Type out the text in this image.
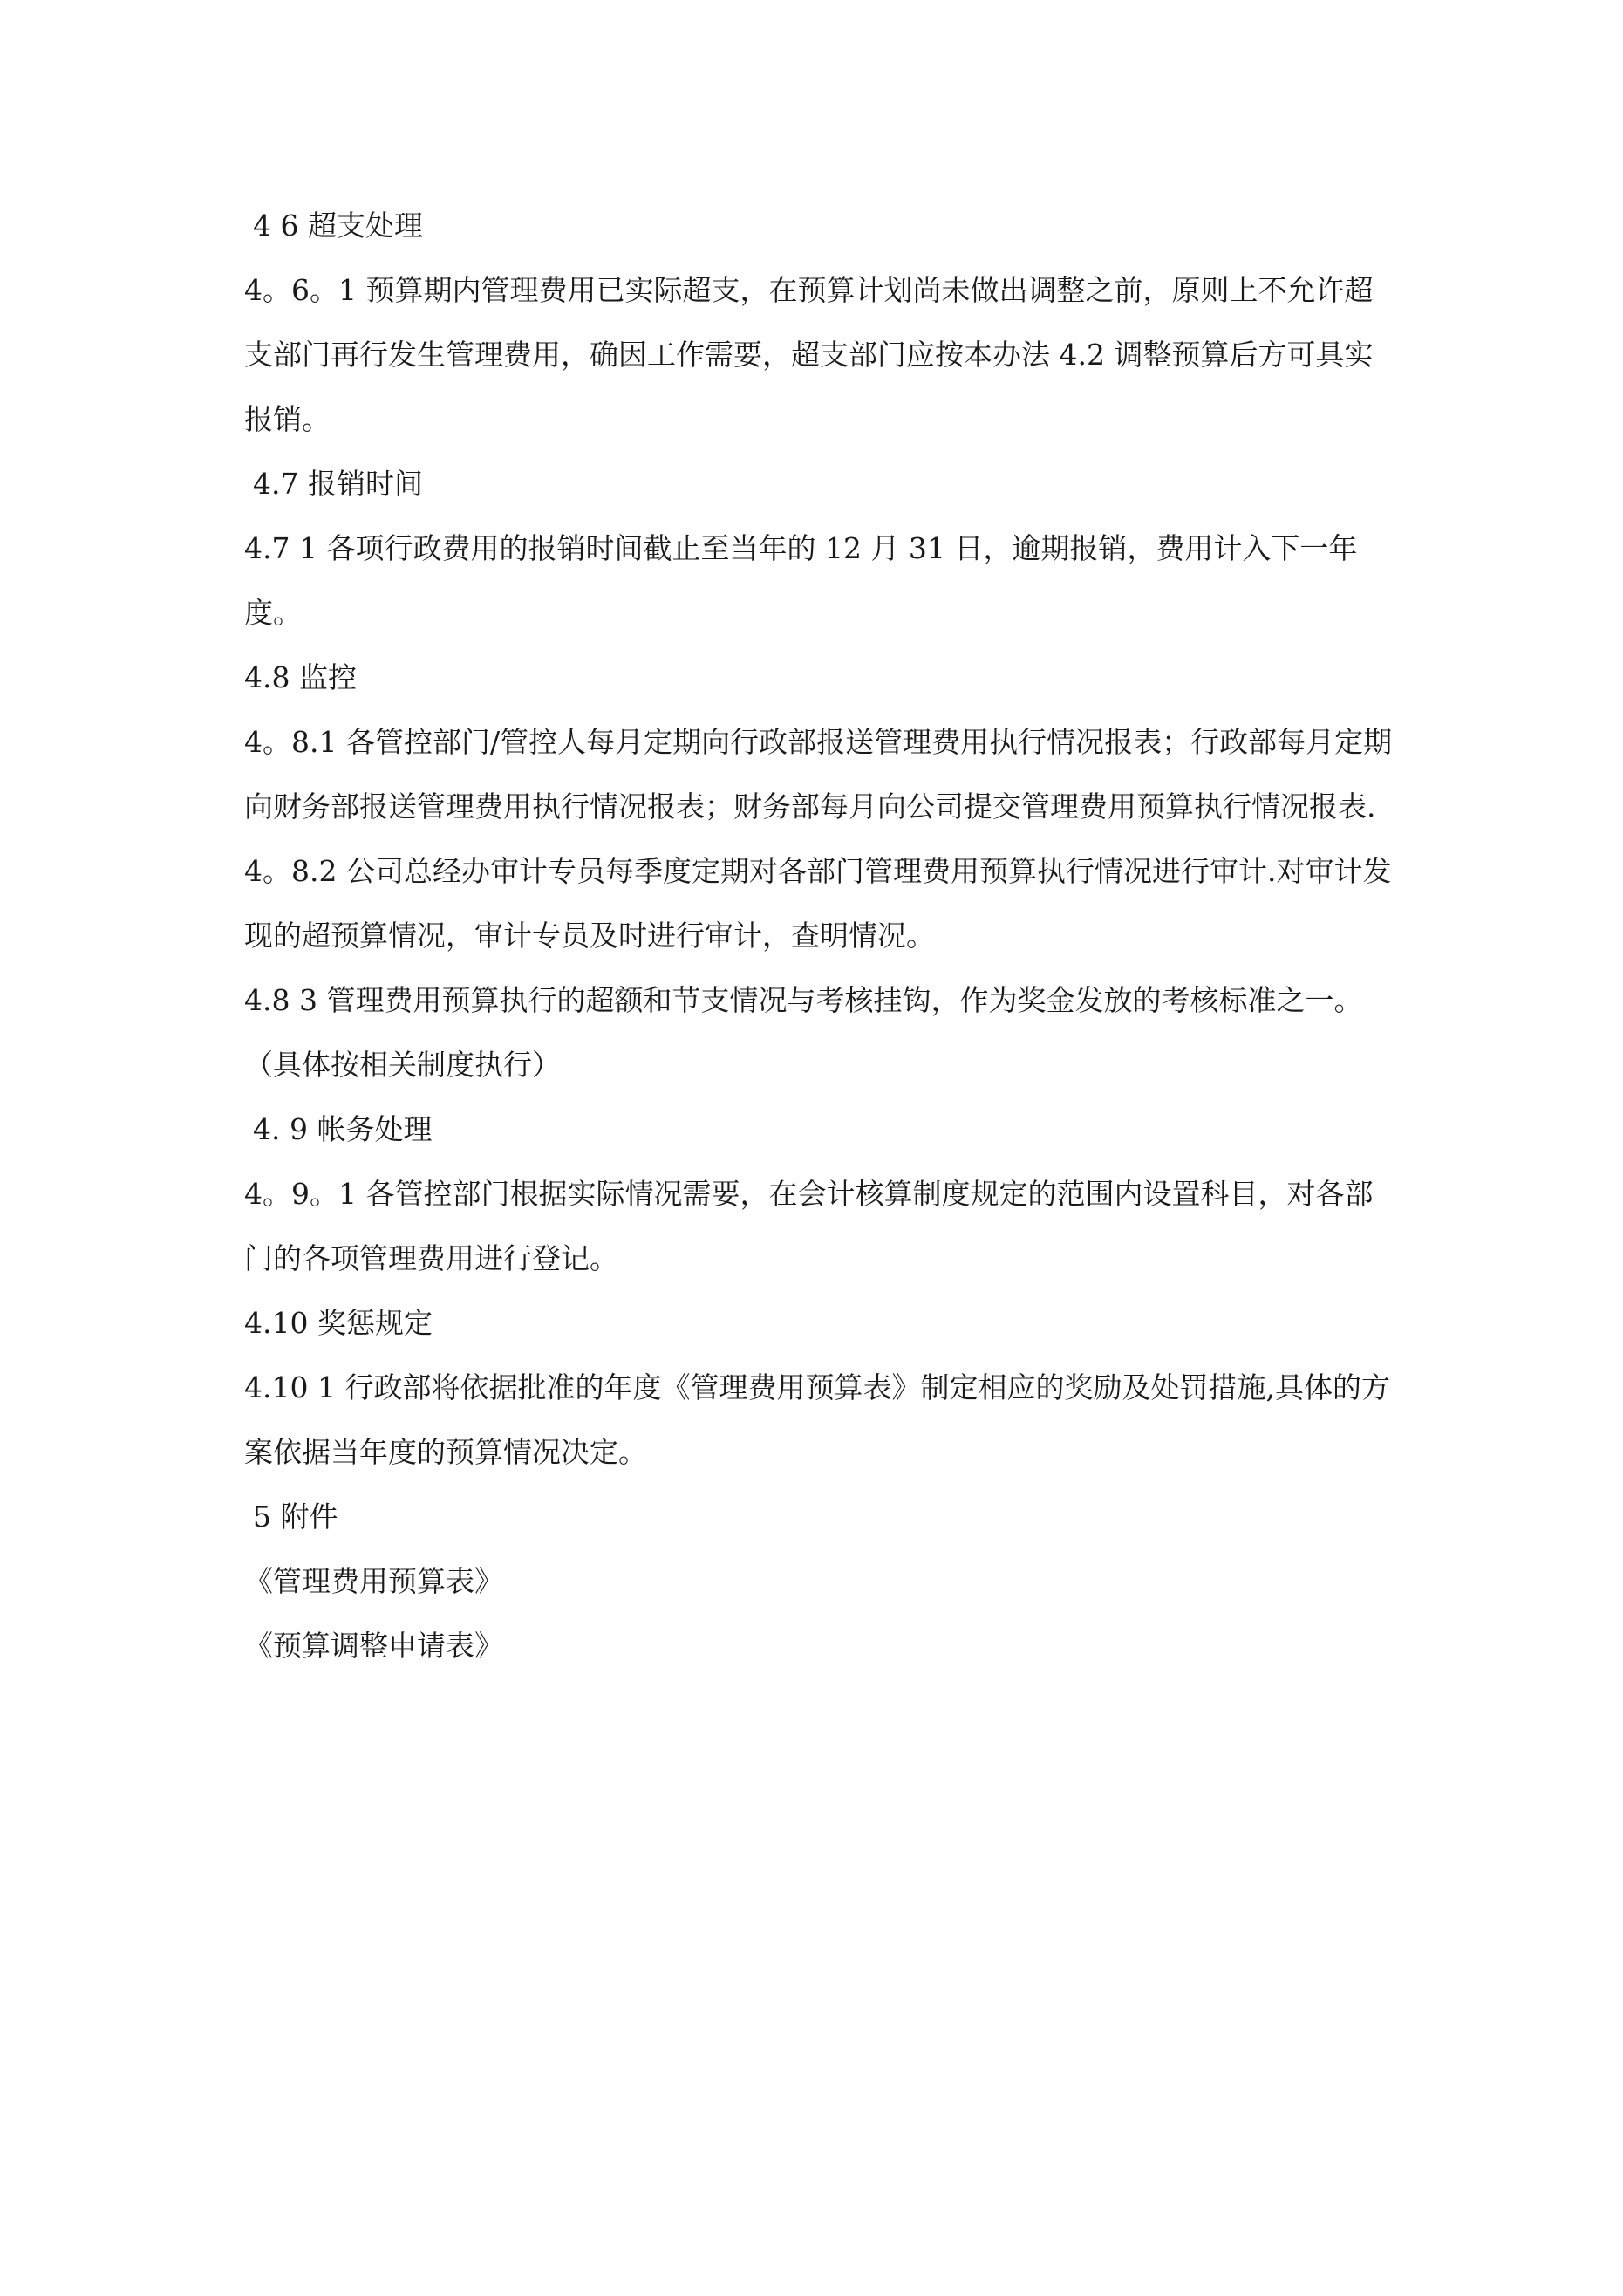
4 6 超支处理

4。6。1 预算期内管理费用已实际超支，在预算计划尚未做出调整之前，原则上不允许超支部门再行发生管理费用，确因工作需要，超支部门应按本办法 4.2 调整预算后方可具实报销。

4.7 报销时间

4.7 1 各项行政费用的报销时间截止至当年的 12 月 31 日，逾期报销，费用计入下一年度。

4.8 监控

4。8.1 各管控部门/管控人每月定期向行政部报送管理费用执行情况报表；行政部每月定期向财务部报送管理费用执行情况报表；财务部每月向公司提交管理费用预算执行情况报表.

4。8.2 公司总经办审计专员每季度定期对各部门管理费用预算执行情况进行审计.对审计发现的超预算情况，审计专员及时进行审计，查明情况。

4.8 3 管理费用预算执行的超额和节支情况与考核挂钩，作为奖金发放的考核标准之一。（具体按相关制度执行）

4. 9 帐务处理

4。9。1 各管控部门根据实际情况需要，在会计核算制度规定的范围内设置科目，对各部门的各项管理费用进行登记。

4.10 奖惩规定

4.10 1 行政部将依据批准的年度《管理费用预算表》制定相应的奖励及处罚措施,具体的方案依据当年度的预算情况决定。

5 附件

《管理费用预算表》

《预算调整申请表》
